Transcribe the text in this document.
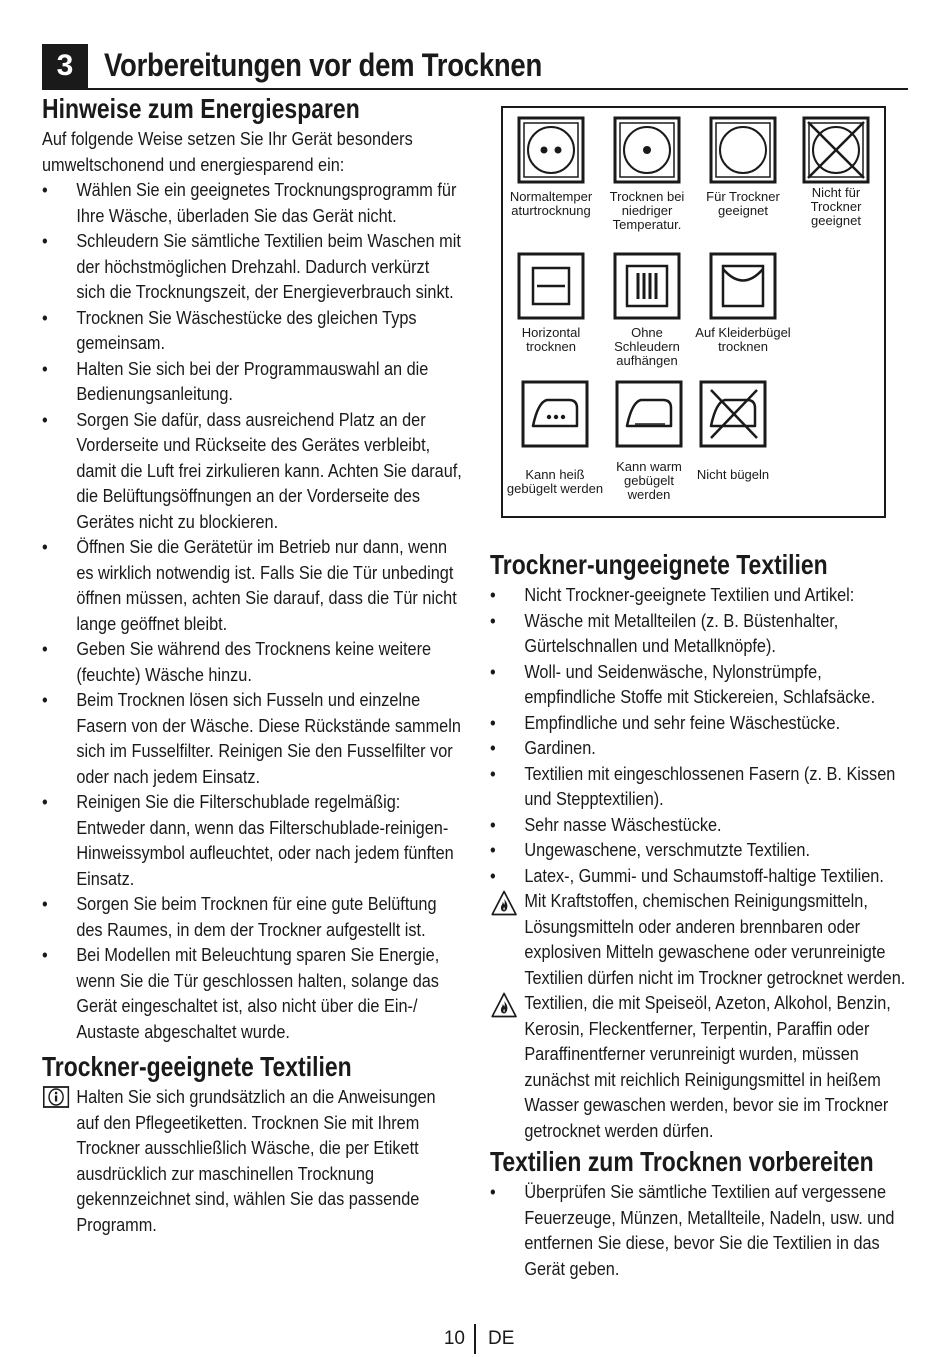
3 Vorbereitungen vor dem Trocknen
Hinweise zum Energiesparen

Auf folgende Weise setzen Sie Ihr Gerät besonders umweltschonend und energiesparend ein:

• Wählen Sie ein geeignetes Trocknungsprogramm für Ihre Wäsche, überladen Sie das Gerät nicht.
• Schleudern Sie sämtliche Textilien beim Waschen mit der höchstmöglichen Drehzahl. Dadurch verkürzt sich die Trocknungszeit, der Energieverbrauch sinkt.
• Trocknen Sie Wäschestücke des gleichen Typs gemeinsam.
• Halten Sie sich bei der Programmauswahl an die Bedienungsanleitung.
• Sorgen Sie dafür, dass ausreichend Platz an der Vorderseite und Rückseite des Gerätes verbleibt, damit die Luft frei zirkulieren kann. Achten Sie darauf, die Belüftungsöffnungen an der Vorderseite des Gerätes nicht zu blockieren.
• Öffnen Sie die Gerätetür im Betrieb nur dann, wenn es wirklich notwendig ist. Falls Sie die Tür unbedingt öffnen müssen, achten Sie darauf, dass die Tür nicht lange geöffnet bleibt.
• Geben Sie während des Trocknens keine weitere (feuchte) Wäsche hinzu.
• Beim Trocknen lösen sich Fusseln und einzelne Fasern von der Wäsche. Diese Rückstände sammeln sich im Fusselfilter. Reinigen Sie den Fusselfilter vor oder nach jedem Einsatz.
• Reinigen Sie die Filterschublade regelmäßig: Entweder dann, wenn das Filterschublade-reinigen-Hinweissymbol aufleuchtet, oder nach jedem fünften Einsatz.
• Sorgen Sie beim Trocknen für eine gute Belüftung des Raumes, in dem der Trockner aufgestellt ist.
• Bei Modellen mit Beleuchtung sparen Sie Energie, wenn Sie die Tür geschlossen halten, solange das Gerät eingeschaltet ist, also nicht über die Ein-/ Austaste abgeschaltet wurde.
Trockner-geeignete Textilien
Halten Sie sich grundsätzlich an die Anweisungen auf den Pflegeetiketten. Trocknen Sie mit Ihrem Trockner ausschließlich Wäsche, die per Etikett ausdrücklich zur maschinellen Trocknung gekennzeichnet sind, wählen Sie das passende Programm.
Normaltemper aturtrocknung
Trocknen bei niedriger Temperatur.
Für Trockner geeignet
Nicht für Trockner geeignet
Horizontal trocknen
Ohne Schleudern aufhängen
Auf Kleiderbügel trocknen
Kann heiß gebügelt werden
Kann warm gebügelt werden
Nicht bügeln
Trockner-ungeeignete Textilien
• Nicht Trockner-geeignete Textilien und Artikel:
• Wäsche mit Metallteilen (z. B. Büstenhalter, Gürtelschnallen und Metallknöpfe).
• Woll- und Seidenwäsche, Nylonstrümpfe, empfindliche Stoffe mit Stickereien, Schlafsäcke.
• Empfindliche und sehr feine Wäschestücke.
• Gardinen.
• Textilien mit eingeschlossenen Fasern (z. B. Kissen und Stepptextilien).
• Sehr nasse Wäschestücke.
• Ungewaschene, verschmutzte Textilien.
• Latex-, Gummi- und Schaumstoff-haltige Textilien.
Mit Kraftstoffen, chemischen Reinigungsmitteln, Lösungsmitteln oder anderen brennbaren oder explosiven Mitteln gewaschene oder verunreinigte Textilien dürfen nicht im Trockner getrocknet werden.
Textilien, die mit Speiseöl, Azeton, Alkohol, Benzin, Kerosin, Fleckentferner, Terpentin, Paraffin oder Paraffinentferner verunreinigt wurden, müssen zunächst mit reichlich Reinigungsmittel in heißem Wasser gewaschen werden, bevor sie im Trockner getrocknet werden dürfen.
Textilien zum Trocknen vorbereiten
• Überprüfen Sie sämtliche Textilien auf vergessene Feuerzeuge, Münzen, Metallteile, Nadeln, usw. und entfernen Sie diese, bevor Sie die Textilien in das Gerät geben.
10 DE
